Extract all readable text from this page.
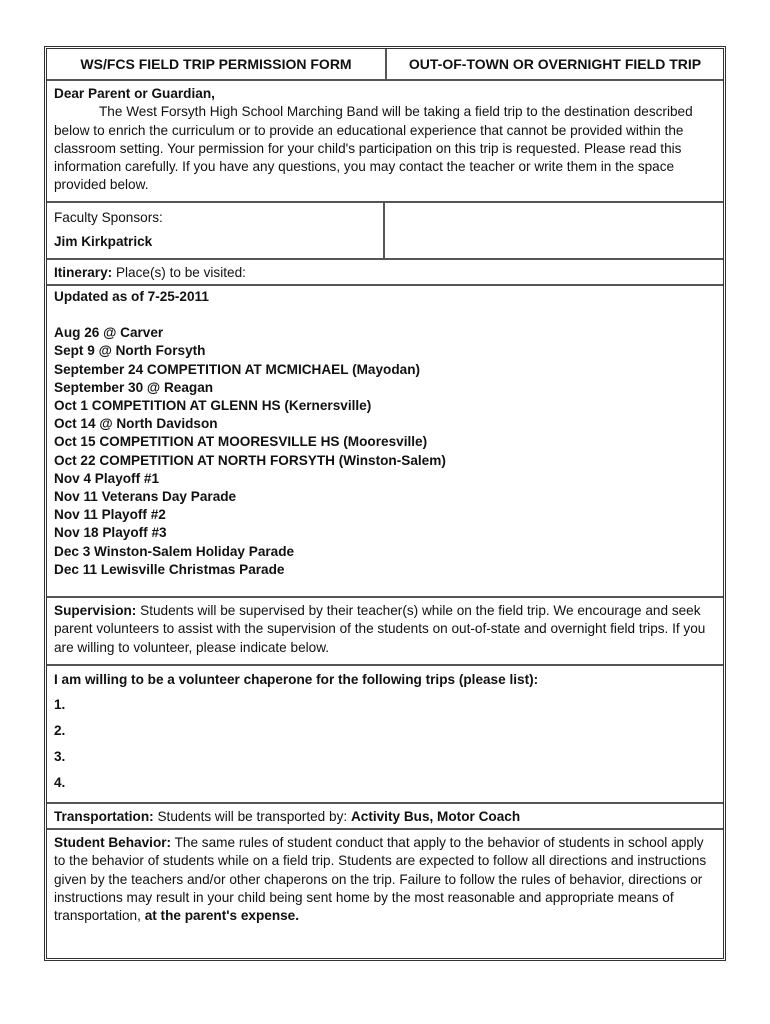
WS/FCS FIELD TRIP PERMISSION FORM	OUT-OF-TOWN OR OVERNIGHT FIELD TRIP
Dear Parent or Guardian,
The West Forsyth High School Marching Band will be taking a field trip to the destination described below to enrich the curriculum or to provide an educational experience that cannot be provided within the classroom setting. Your permission for your child's participation on this trip is requested. Please read this information carefully. If you have any questions, you may contact the teacher or write them in the space provided below.
Faculty Sponsors:
Jim Kirkpatrick
Itinerary: Place(s) to be visited:
Updated as of 7-25-2011
Aug 26 @ Carver
Sept 9 @ North Forsyth
September 24 COMPETITION AT MCMICHAEL (Mayodan)
September 30 @ Reagan
Oct 1 COMPETITION AT GLENN HS (Kernersville)
Oct 14 @ North Davidson
Oct 15 COMPETITION AT MOORESVILLE HS (Mooresville)
Oct 22 COMPETITION AT NORTH FORSYTH (Winston-Salem)
Nov 4 Playoff #1
Nov 11 Veterans Day Parade
Nov 11 Playoff #2
Nov 18 Playoff #3
Dec 3 Winston-Salem Holiday Parade
Dec 11 Lewisville Christmas Parade
Supervision: Students will be supervised by their teacher(s) while on the field trip. We encourage and seek parent volunteers to assist with the supervision of the students on out-of-state and overnight field trips. If you are willing to volunteer, please indicate below.
I am willing to be a volunteer chaperone for the following trips (please list):
1.
2.
3.
4.
Transportation: Students will be transported by: Activity Bus, Motor Coach
Student Behavior: The same rules of student conduct that apply to the behavior of students in school apply to the behavior of students while on a field trip. Students are expected to follow all directions and instructions given by the teachers and/or other chaperons on the trip. Failure to follow the rules of behavior, directions or instructions may result in your child being sent home by the most reasonable and appropriate means of transportation, at the parent's expense.
